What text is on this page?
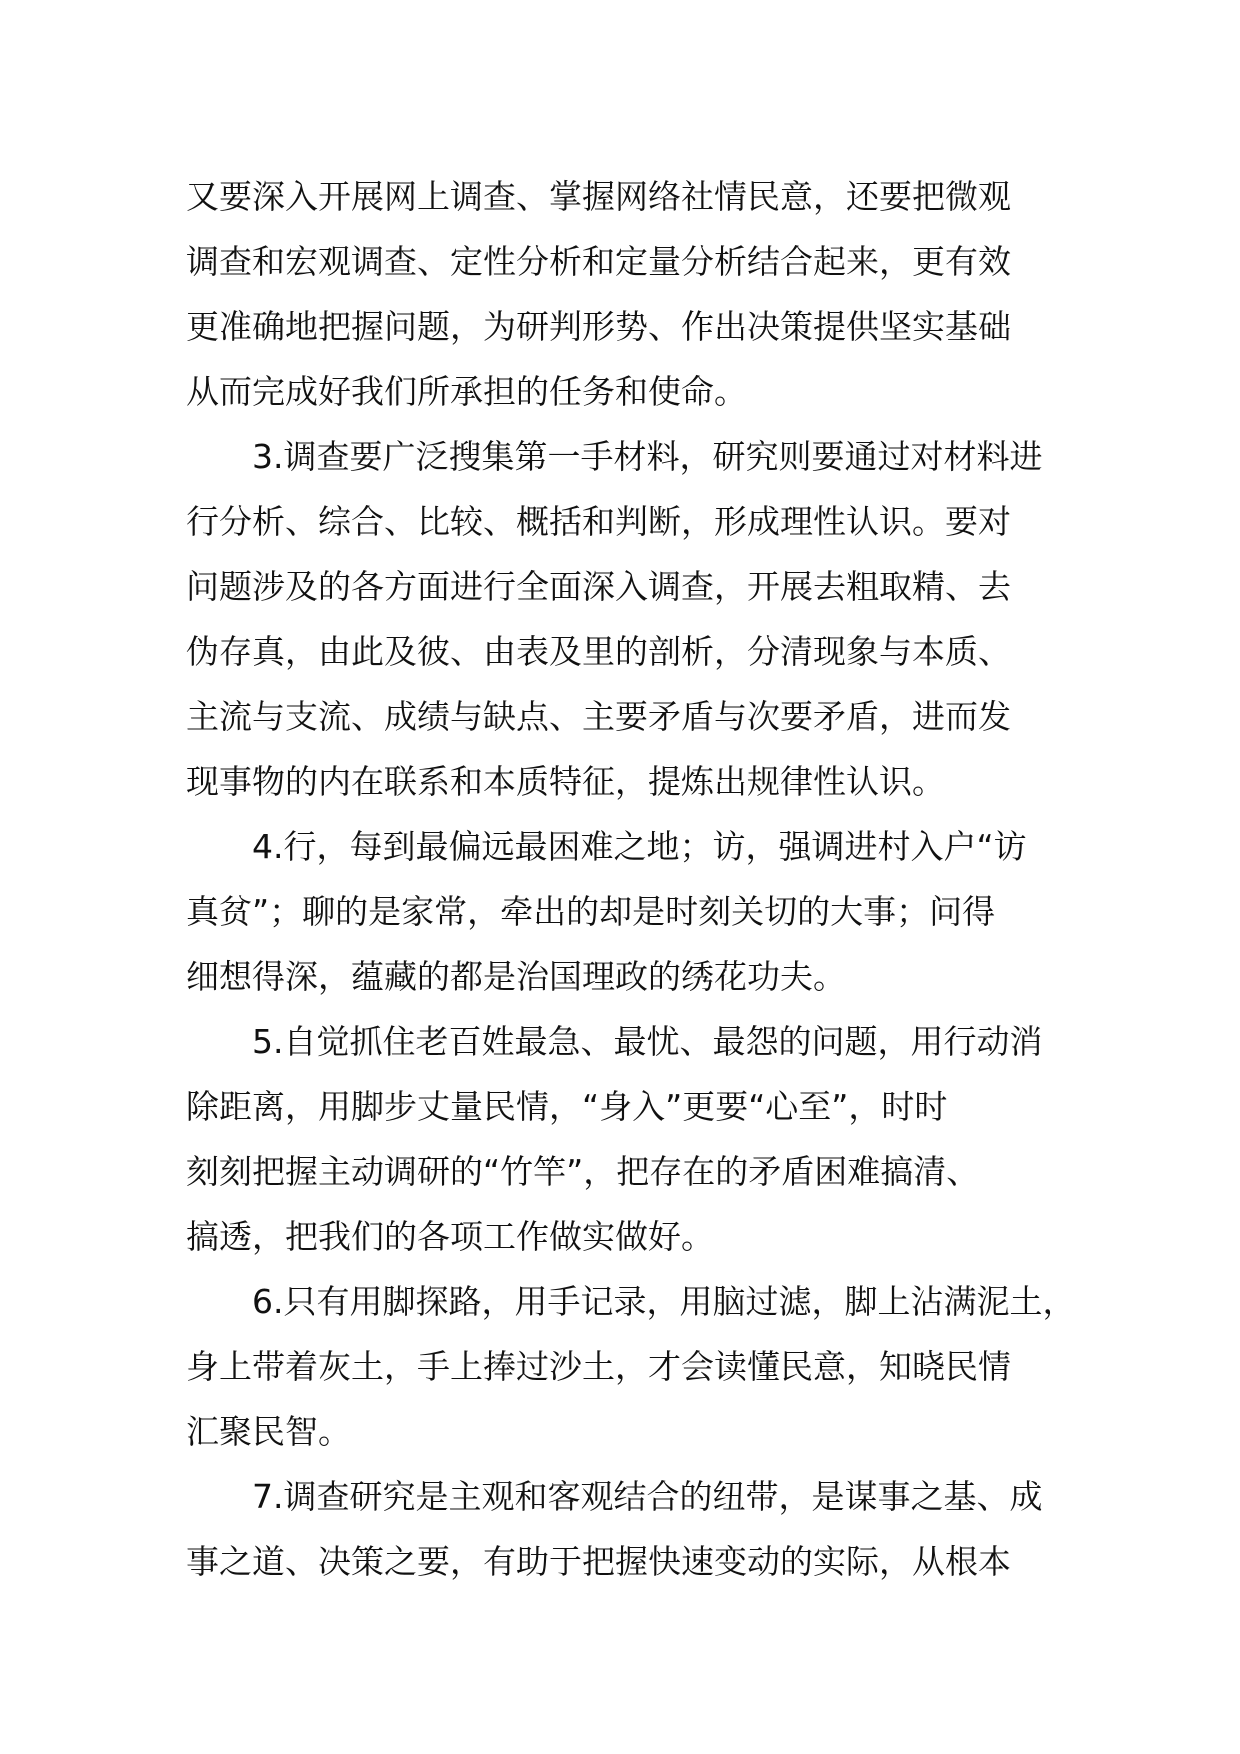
又要深入开展网上调查、掌握网络社情民意，还要把微观
调查和宏观调查、定性分析和定量分析结合起来，更有效
更准确地把握问题，为研判形势、作出决策提供坚实基础
从而完成好我们所承担的任务和使命。
3.调查要广泛搜集第一手材料，研究则要通过对材料进
行分析、综合、比较、概括和判断，形成理性认识。要对
问题涉及的各方面进行全面深入调查，开展去粗取精、去
伪存真，由此及彼、由表及里的剖析，分清现象与本质、
主流与支流、成绩与缺点、主要矛盾与次要矛盾，进而发
现事物的内在联系和本质特征，提炼出规律性认识。
4.行，每到最偏远最困难之地；访，强调进村入户“访
真贫”；聊的是家常，牵出的却是时刻关切的大事；问得
细想得深，蕴藏的都是治国理政的绣花功夫。
5.自觉抓住老百姓最急、最忧、最怨的问题，用行动消
除距离，用脚步丈量民情，“身入”更要“心至”，时时
刻刻把握主动调研的“竹竿”，把存在的矛盾困难搞清、
搞透，把我们的各项工作做实做好。
6.只有用脚探路，用手记录，用脑过滤，脚上沾满泥土，
身上带着灰土，手上捧过沙土，才会读懂民意，知晓民情
汇聚民智。
7.调查研究是主观和客观结合的纽带，是谋事之基、成
事之道、决策之要，有助于把握快速变动的实际，从根本
